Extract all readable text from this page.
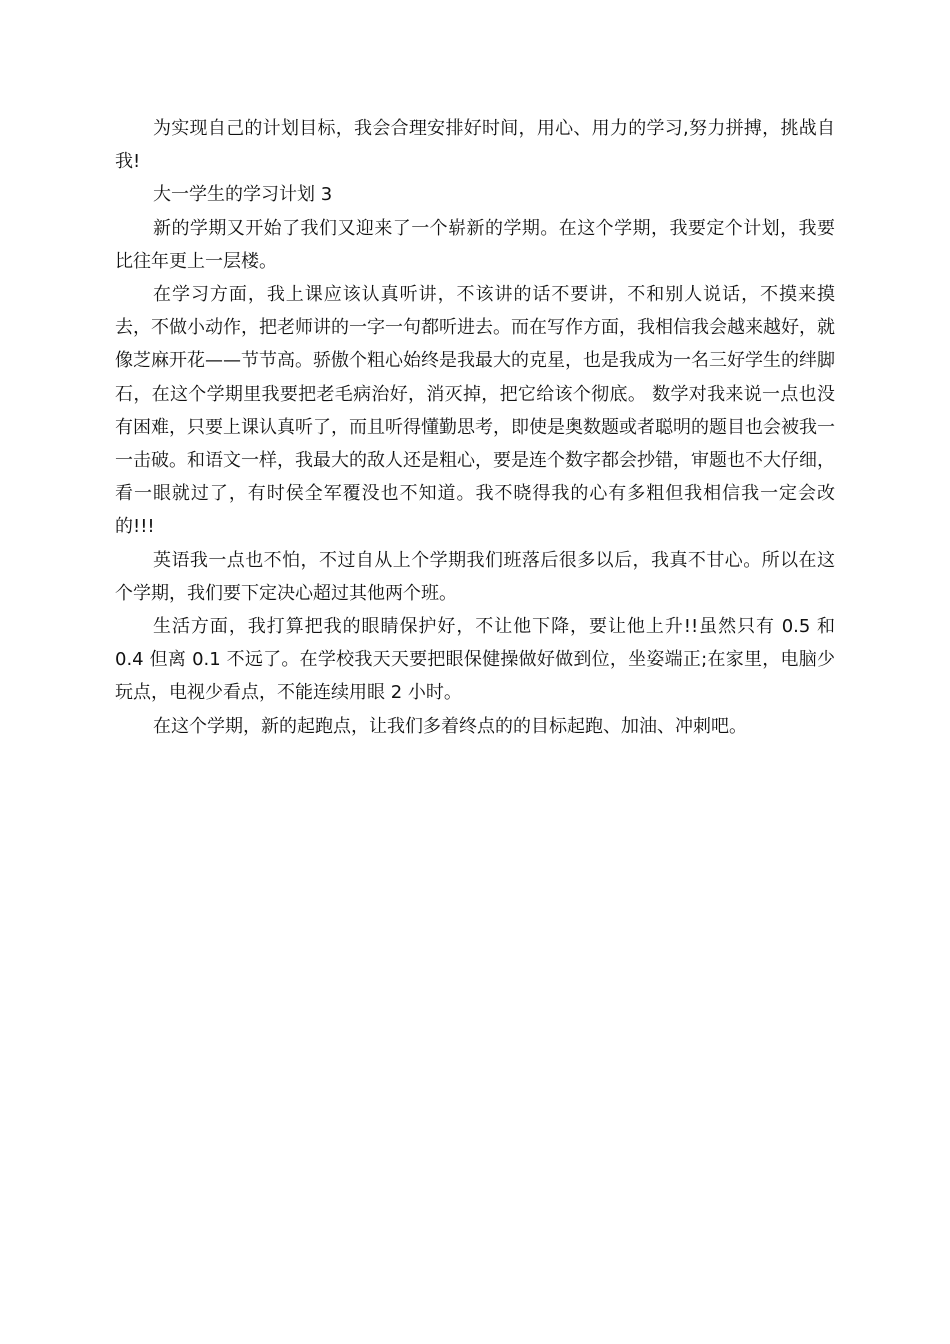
为实现自己的计划目标，我会合理安排好时间，用心、用力的学习,努力拼搏，挑战自我!

大一学生的学习计划 3

新的学期又开始了我们又迎来了一个崭新的学期。在这个学期，我要定个计划，我要比往年更上一层楼。

在学习方面，我上课应该认真听讲，不该讲的话不要讲，不和别人说话，不摸来摸去，不做小动作，把老师讲的一字一句都听进去。而在写作方面，我相信我会越来越好，就像芝麻开花——节节高。骄傲个粗心始终是我最大的克星，也是我成为一名三好学生的绊脚石，在这个学期里我要把老毛病治好，消灭掉，把它给该个彻底。 数学对我来说一点也没有困难，只要上课认真听了，而且听得懂勤思考，即使是奥数题或者聪明的题目也会被我一一击破。和语文一样，我最大的敌人还是粗心，要是连个数字都会抄错，审题也不大仔细，看一眼就过了，有时侯全军覆没也不知道。我不晓得我的心有多粗但我相信我一定会改的!!!

英语我一点也不怕，不过自从上个学期我们班落后很多以后，我真不甘心。所以在这个学期，我们要下定决心超过其他两个班。

生活方面，我打算把我的眼睛保护好，不让他下降，要让他上升!!虽然只有 0.5 和 0.4 但离 0.1 不远了。在学校我天天要把眼保健操做好做到位，坐姿端正;在家里，电脑少玩点，电视少看点，不能连续用眼 2 小时。

在这个学期，新的起跑点，让我们多着终点的的目标起跑、加油、冲刺吧。
